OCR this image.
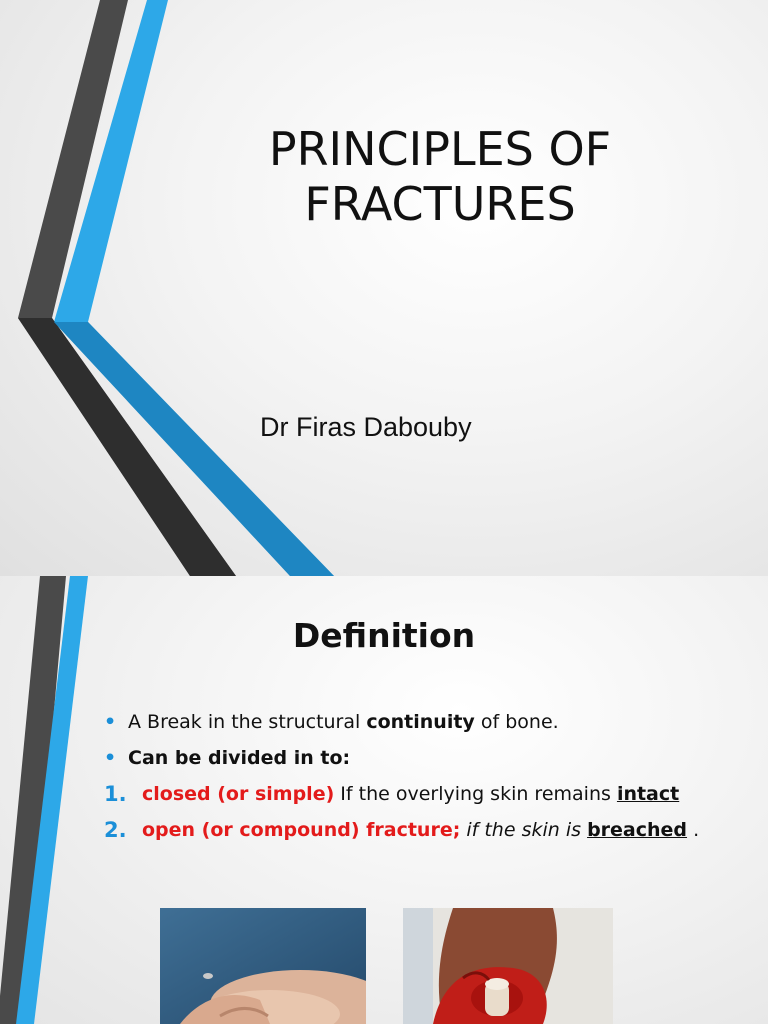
PRINCIPLES OF
FRACTURES

Dr Firas Dabouby

Definition
• A Break in the structural continuity of bone.
• Can be divided in to:
1. closed (or simple) If the overlying skin remains intact
2. open (or compound) fracture; if the skin is breached .
